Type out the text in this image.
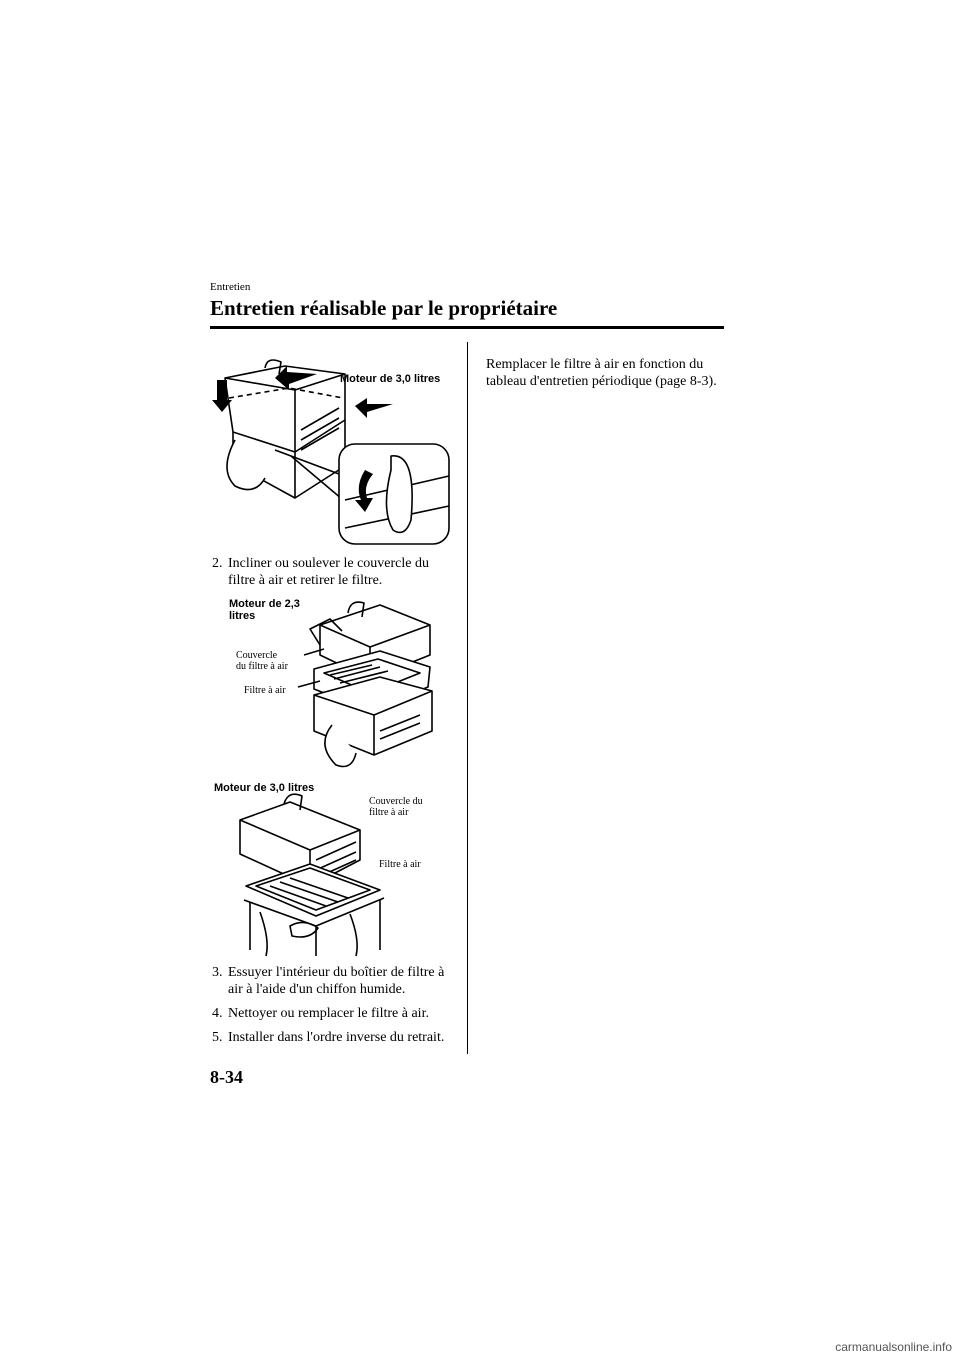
Entretien
Entretien réalisable par le propriétaire
Moteur de 3,0 litres
2. Incliner ou soulever le couvercle du
filtre à air et retirer le filtre.
Moteur de 2,3
litres
Couvercle
du filtre à air
Filtre à air
Moteur de 3,0 litres
Couvercle du
filtre à air
Filtre à air
3. Essuyer l'intérieur du boîtier de filtre à
air à l'aide d'un chiffon humide.
4. Nettoyer ou remplacer le filtre à air.
5. Installer dans l'ordre inverse du retrait.
Remplacer le filtre à air en fonction du
tableau d'entretien périodique (page 8-3).
8-34
carmanualsonline.info
